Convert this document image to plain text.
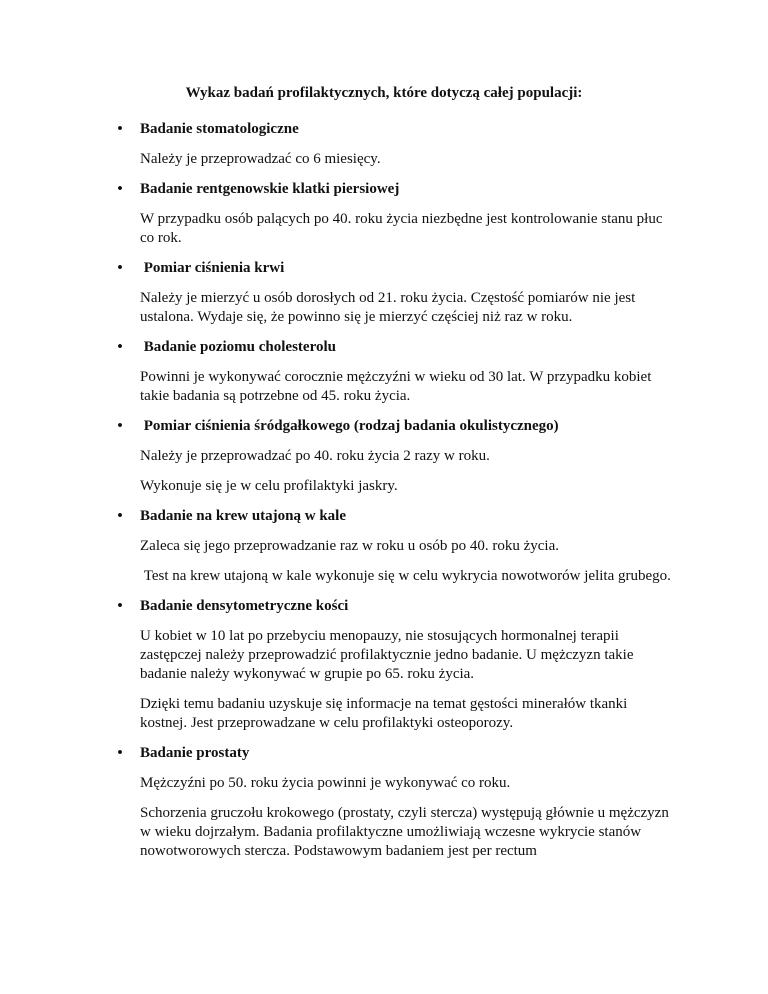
Wykaz badań profilaktycznych, które dotyczą całej populacji:
• Badanie stomatologiczne
Należy je przeprowadzać co 6 miesięcy.
• Badanie rentgenowskie klatki piersiowej
W przypadku osób palących po 40. roku życia niezbędne jest kontrolowanie stanu płuc co rok.
• Pomiar ciśnienia krwi
Należy je mierzyć u osób dorosłych od 21. roku życia. Częstość pomiarów nie jest ustalona. Wydaje się, że powinno się je mierzyć częściej niż raz w roku.
• Badanie poziomu cholesterolu
Powinni je wykonywać corocznie mężczyźni w wieku od 30 lat. W przypadku kobiet takie badania są potrzebne od 45. roku życia.
• Pomiar ciśnienia śródgałkowego (rodzaj badania okulistycznego)
Należy je przeprowadzać po 40. roku życia 2 razy w roku.
Wykonuje się je w celu profilaktyki jaskry.
• Badanie na krew utajoną w kale
Zaleca się jego przeprowadzanie raz w roku u osób po 40. roku życia.
Test na krew utajoną w kale wykonuje się w celu wykrycia nowotworów jelita grubego.
• Badanie densytometryczne kości
U kobiet w 10 lat po przebyciu menopauzy, nie stosujących hormonalnej terapii zastępczej należy przeprowadzić profilaktycznie jedno badanie. U mężczyzn takie badanie należy wykonywać w grupie po 65. roku życia.
Dzięki temu badaniu uzyskuje się informacje na temat gęstości minerałów tkanki kostnej. Jest przeprowadzane w celu profilaktyki osteoporozy.
• Badanie prostaty
Mężczyźni po 50. roku życia powinni je wykonywać co roku.
Schorzenia gruczołu krokowego (prostaty, czyli stercza) występują głównie u mężczyzn w wieku dojrzałym. Badania profilaktyczne umożliwiają wczesne wykrycie stanów nowotworowych stercza. Podstawowym badaniem jest per rectum
